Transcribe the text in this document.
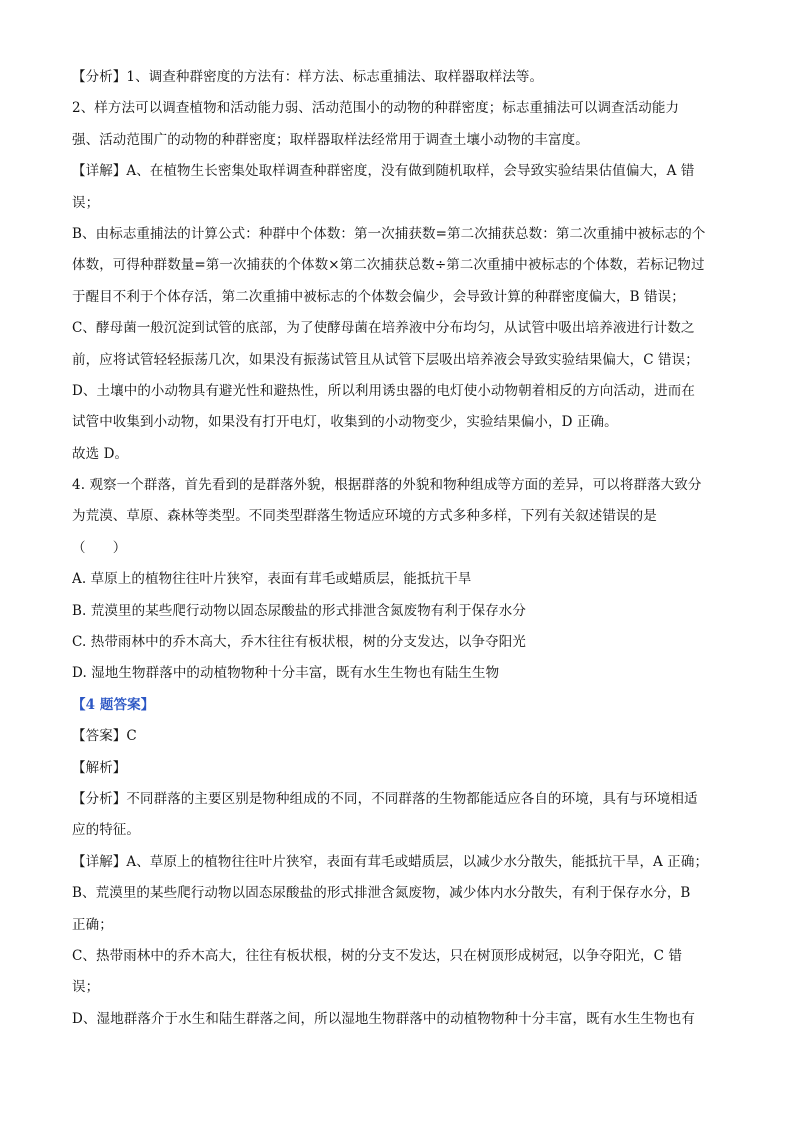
【分析】1、调查种群密度的方法有：样方法、标志重捕法、取样器取样法等。
2、样方法可以调查植物和活动能力弱、活动范围小的动物的种群密度；标志重捕法可以调查活动能力
强、活动范围广的动物的种群密度；取样器取样法经常用于调查土壤小动物的丰富度。
【详解】A、在植物生长密集处取样调查种群密度，没有做到随机取样，会导致实验结果估值偏大，A 错
误；
B、由标志重捕法的计算公式：种群中个体数：第一次捕获数=第二次捕获总数：第二次重捕中被标志的个
体数，可得种群数量=第一次捕获的个体数×第二次捕获总数÷第二次重捕中被标志的个体数，若标记物过
于醒目不利于个体存活，第二次重捕中被标志的个体数会偏少，会导致计算的种群密度偏大，B 错误；
C、酵母菌一般沉淀到试管的底部，为了使酵母菌在培养液中分布均匀，从试管中吸出培养液进行计数之
前，应将试管轻轻振荡几次，如果没有振荡试管且从试管下层吸出培养液会导致实验结果偏大，C 错误；
D、土壤中的小动物具有避光性和避热性，所以利用诱虫器的电灯使小动物朝着相反的方向活动，进而在
试管中收集到小动物，如果没有打开电灯，收集到的小动物变少，实验结果偏小，D 正确。
故选 D。
4. 观察一个群落，首先看到的是群落外貌，根据群落的外貌和物种组成等方面的差异，可以将群落大致分
为荒漠、草原、森林等类型。不同类型群落生物适应环境的方式多种多样，下列有关叙述错误的是
（　　）
A. 草原上的植物往往叶片狭窄，表面有茸毛或蜡质层，能抵抗干旱
B. 荒漠里的某些爬行动物以固态尿酸盐的形式排泄含氮废物有利于保存水分
C. 热带雨林中的乔木高大，乔木往往有板状根，树的分支发达，以争夺阳光
D. 湿地生物群落中的动植物物种十分丰富，既有水生生物也有陆生生物
【4 题答案】
【答案】C
【解析】
【分析】不同群落的主要区别是物种组成的不同，不同群落的生物都能适应各自的环境，具有与环境相适
应的特征。
【详解】A、草原上的植物往往叶片狭窄，表面有茸毛或蜡质层，以减少水分散失，能抵抗干旱，A 正确；
B、荒漠里的某些爬行动物以固态尿酸盐的形式排泄含氮废物，减少体内水分散失，有利于保存水分，B
正确；
C、热带雨林中的乔木高大，往往有板状根，树的分支不发达，只在树顶形成树冠，以争夺阳光，C 错
误；
D、湿地群落介于水生和陆生群落之间，所以湿地生物群落中的动植物物种十分丰富，既有水生生物也有
